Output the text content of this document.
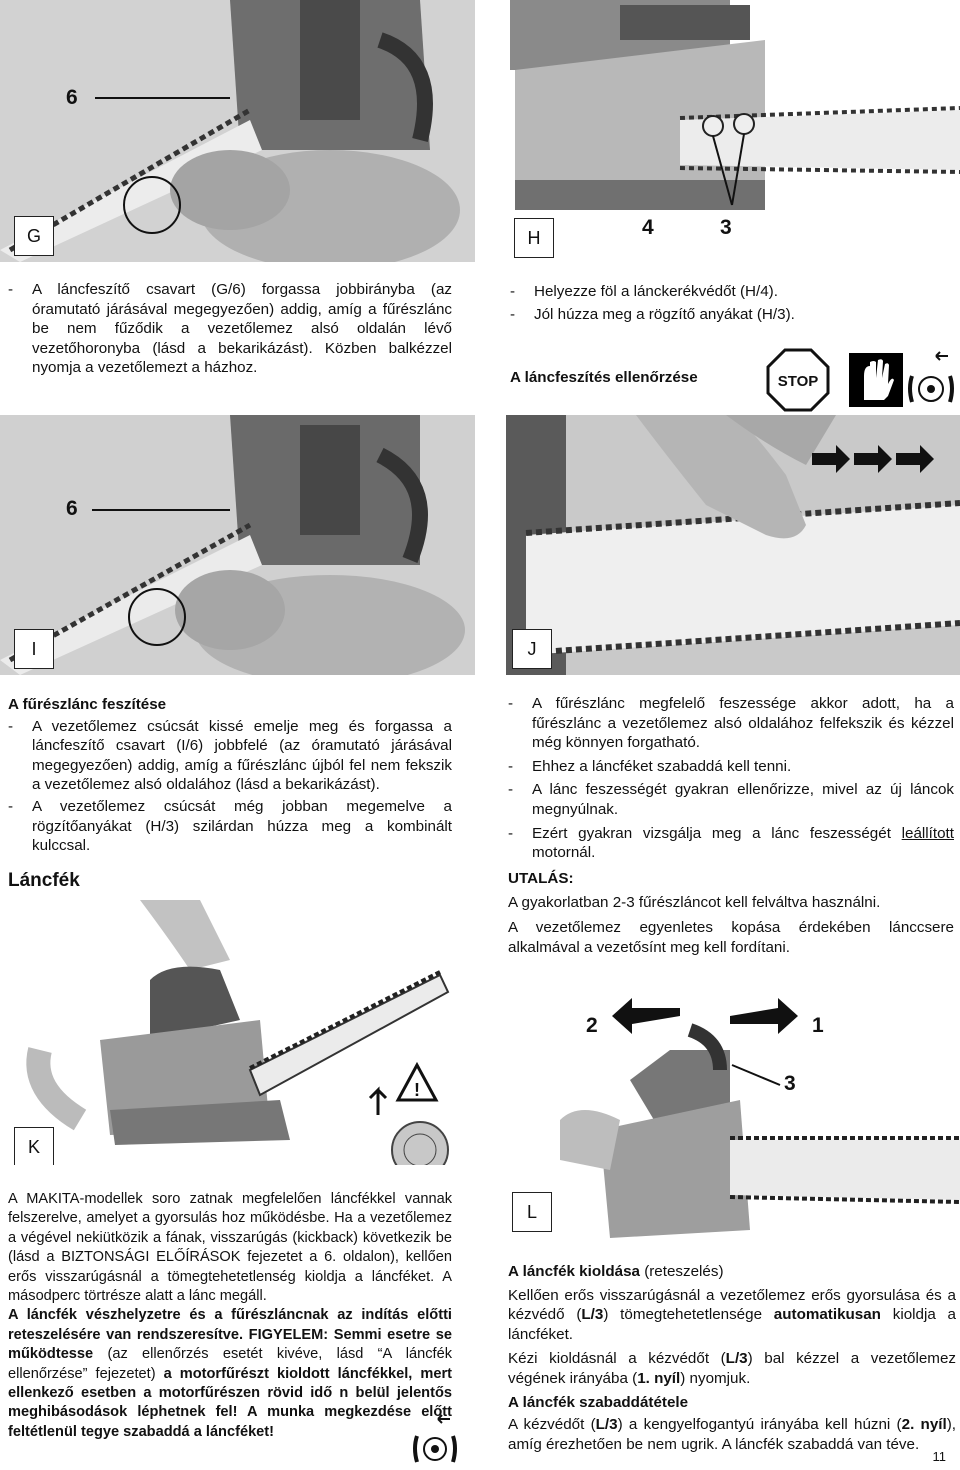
6
G	4	3
H

- A láncfeszítő csavart (G/6) forgassa jobbirányba (az óramutató járásával megegyezően) addig, amíg a fűrészlánc be nem fűződik a vezetőlemez alsó oldalán lévő vezetőhoronyba (lásd a bekarikázást). Közben balkézzel nyomja a vezetőlemezt a házhoz.

- Helyezze föl a lánckerékvédőt (H/4).

- Jól húzza meg a rögzítő anyákat (H/3).

A láncfeszítés ellenőrzése	STOP
6
I	J

A fűrészlánc feszítése

- A vezetőlemez csúcsát kissé emelje meg és forgassa a láncfeszítő csavart (I/6) jobbfelé (az óramutató járásával megegyezően) addig, amíg a fűrészlánc újból fel nem fekszik a vezetőlemez alsó oldalához (lásd a bekarikázást).

- A vezetőlemez csúcsát még jobban megemelve a rögzítőanyákat (H/3) szilárdan húzza meg a kombinált kulccsal.

Láncfék

- A fűrészlánc megfelelő feszessége akkor adott, ha a fűrészlánc a vezetőlemez alsó oldalához felfekszik és kézzel még könnyen forgatható.

- Ehhez a láncféket szabaddá kell tenni.

- A lánc feszességét gyakran ellenőrizze, mivel az új láncok megnyúlnak.

- Ezért gyakran vizsgálja meg a lánc feszességét leállított motornál.

UTALÁS:

A gyakorlatban 2-3 fűrészláncot kell felváltva használni.

A vezetőlemez egyenletes kopása érdekében lánccsere alkalmával a vezetősínt meg kell fordítani.

!
K
2	1
3
L

A MAKITA-modellek soro zatnak megfelelően láncfékkel vannak felszerelve, amelyet a gyorsulás hoz működésbe. Ha a vezetőlemez a végével nekiütközik a fának, visszarúgás (kickback) következik be (lásd a BIZTONSÁGI ELŐÍRÁSOK fejezetet a 6. oldalon), kellően erős visszarúgásnál a tömegtehetetlenség kioldja a láncféket. A másodperc törtrésze alatt a lánc megáll.

A láncfék vészhelyzetre és a fűrészláncnak az indítás előtti reteszelésére van rendszeresítve. FIGYELEM: Semmi esetre se működtesse (az ellenőrzés esetét kivéve, lásd “A láncfék ellenőrzése” fejezetet) a motorfűrészt kioldott láncfékkel, mert ellenkező esetben a motorfűrészen rövid idő n belül jelentős meghibásodások léphetnek fel! A munka megkezdése előtt feltétlenül tegye szabaddá a láncféket!

A láncfék kioldása (reteszelés)

Kellően erős visszarúgásnál a vezetőlemez erős gyorsulása és a kézvédő (L/3) tömegtehetetlensége automatikusan kioldja a láncféket.

Kézi kioldásnál a kézvédőt (L/3) bal kézzel a vezetőlemez végének irányába (1. nyíl) nyomjuk.

A láncfék szabaddátétele

A kézvédőt (L/3) a kengyelfogantyú irányába kell húzni (2. nyíl), amíg érezhetően be nem ugrik. A láncfék szabaddá van téve.

11
